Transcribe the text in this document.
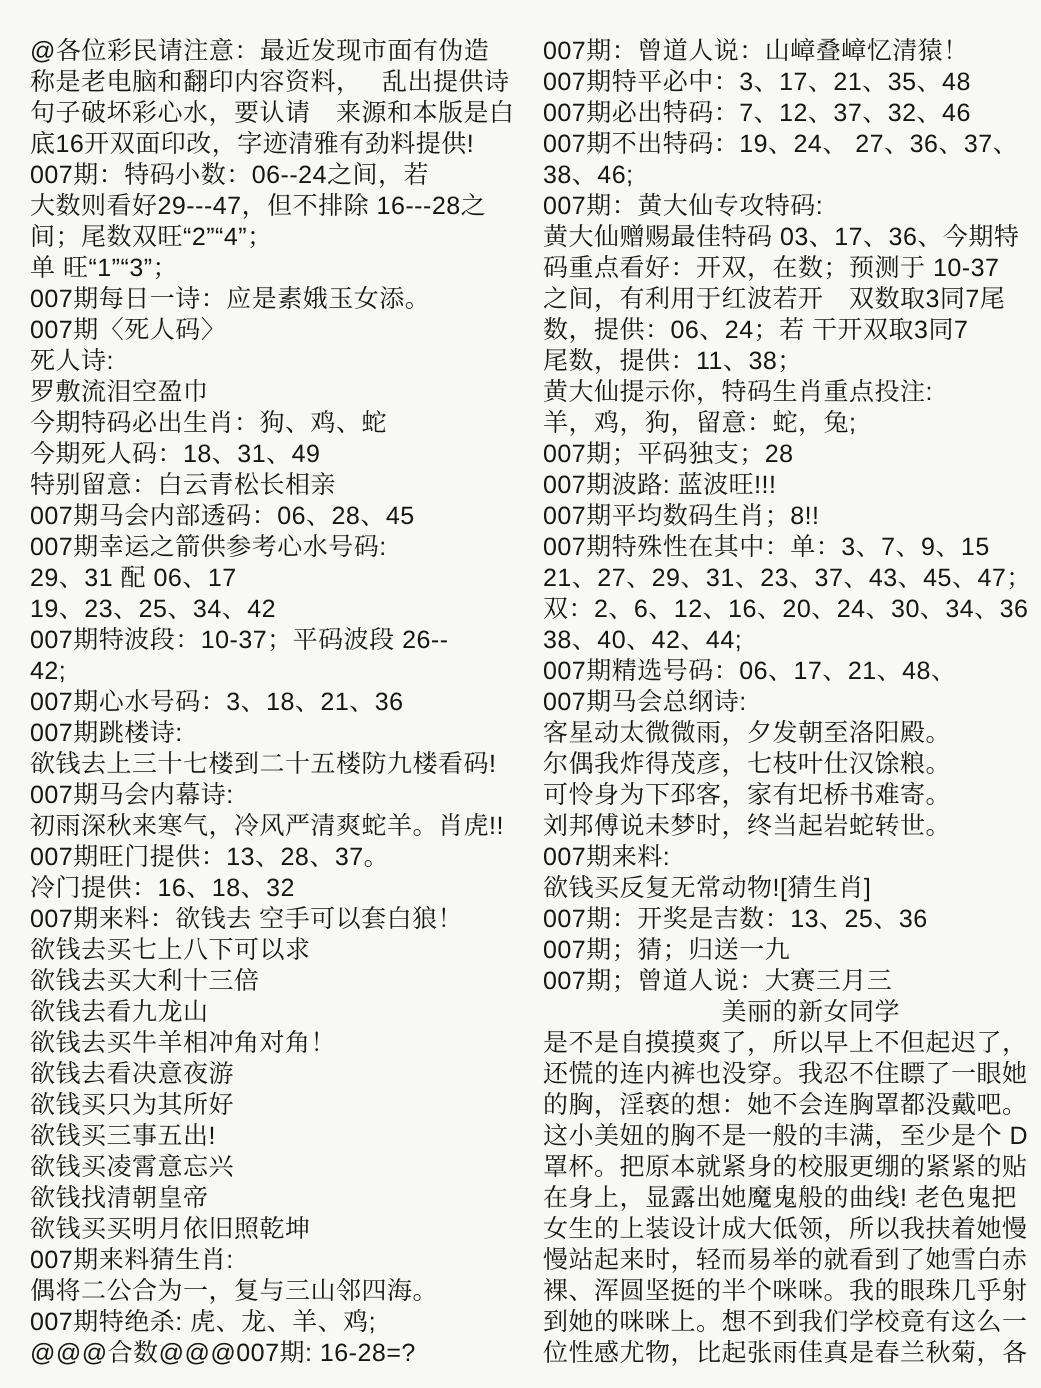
@各位彩民请注意：最近发现市面有伪造
称是老电脑和翻印内容资料，　 乱出提供诗
句子破坏彩心水，要认请　来源和本版是白
底16开双面印改，字迹清雅有劲料提供!
007期：特码小数：06--24之间，若
大数则看好29---47，但不排除 16---28之
间；尾数双旺“2”“4”；
单 旺“1”“3”；
007期每日一诗：应是素娥玉女添。
007期〈死人码〉
死人诗:
罗敷流泪空盈巾
今期特码必出生肖：狗、鸡、蛇
今期死人码：18、31、49
特别留意：白云青松长相亲
007期马会内部透码：06、28、45
007期幸运之箭供参考心水号码:
29、31 配 06、17
19、23、25、34、42
007期特波段：10-37；平码波段 26--
42;
007期心水号码：3、18、21、36
007期跳楼诗:
欲钱去上三十七楼到二十五楼防九楼看码!
007期马会内幕诗:
初雨深秋来寒气，冷风严清爽蛇羊。肖虎!!
007期旺门提供：13、28、37。
冷门提供：16、18、32
007期来料：欲钱去 空手可以套白狼！
欲钱去买七上八下可以求
欲钱去买大利十三倍
欲钱去看九龙山
欲钱去买牛羊相冲角对角！
欲钱去看决意夜游
欲钱买只为其所好
欲钱买三事五出!
欲钱买凌霄意忘兴
欲钱找清朝皇帝
欲钱买买明月依旧照乾坤
007期来料猜生肖:
偶将二公合为一，复与三山邻四海。
007期特绝杀: 虎、龙、羊、鸡;
@@@合数@@@007期: 16-28=?
007期：曾道人说：山嶂叠嶂忆清猿！
007期特平必中：3、17、21、35、48
007期必出特码：7、12、37、32、46
007期不出特码：19、24、 27、36、37、
38、46;
007期：黄大仙专攻特码:
黄大仙赠赐最佳特码 03、17、36、今期特
码重点看好：开双，在数；预测于 10-37
之间，有利用于红波若开　双数取3同7尾
数，提供：06、24；若 干开双取3同7
尾数，提供：11、38；
黄大仙提示你，特码生肖重点投注:
羊，鸡，狗，留意：蛇，兔;
007期；平码独支；28
007期波路: 蓝波旺!!!
007期平均数码生肖；8!!
007期特殊性在其中：单：3、7、9、15
21、27、29、31、23、37、43、45、47；
双：2、6、12、16、20、24、30、34、36
38、40、42、44;
007期精选号码：06、17、21、48、
007期马会总纲诗:
客星动太微微雨，夕发朝至洛阳殿。
尔偶我炸得茂彦，七枝叶仕汉馀粮。
可怜身为下邳客，家有圯桥书难寄。
刘邦傅说未梦时，终当起岩蛇转世。
007期来料:
欲钱买反复无常动物![猜生肖]
007期：开奖是吉数：13、25、36
007期；猜；归送一九
007期；曾道人说：大赛三月三
　　　　　　　美丽的新女同学
是不是自摸摸爽了，所以早上不但起迟了，
还慌的连内裤也没穿。我忍不住瞟了一眼她
的胸，淫亵的想：她不会连胸罩都没戴吧。
这小美妞的胸不是一般的丰满，至少是个 D
罩杯。把原本就紧身的校服更绷的紧紧的贴
在身上，显露出她魔鬼般的曲线! 老色鬼把
女生的上装设计成大低领，所以我扶着她慢
慢站起来时，轻而易举的就看到了她雪白赤
裸、浑圆坚挺的半个咪咪。我的眼珠几乎射
到她的咪咪上。想不到我们学校竟有这么一
位性感尤物，比起张雨佳真是春兰秋菊，各
